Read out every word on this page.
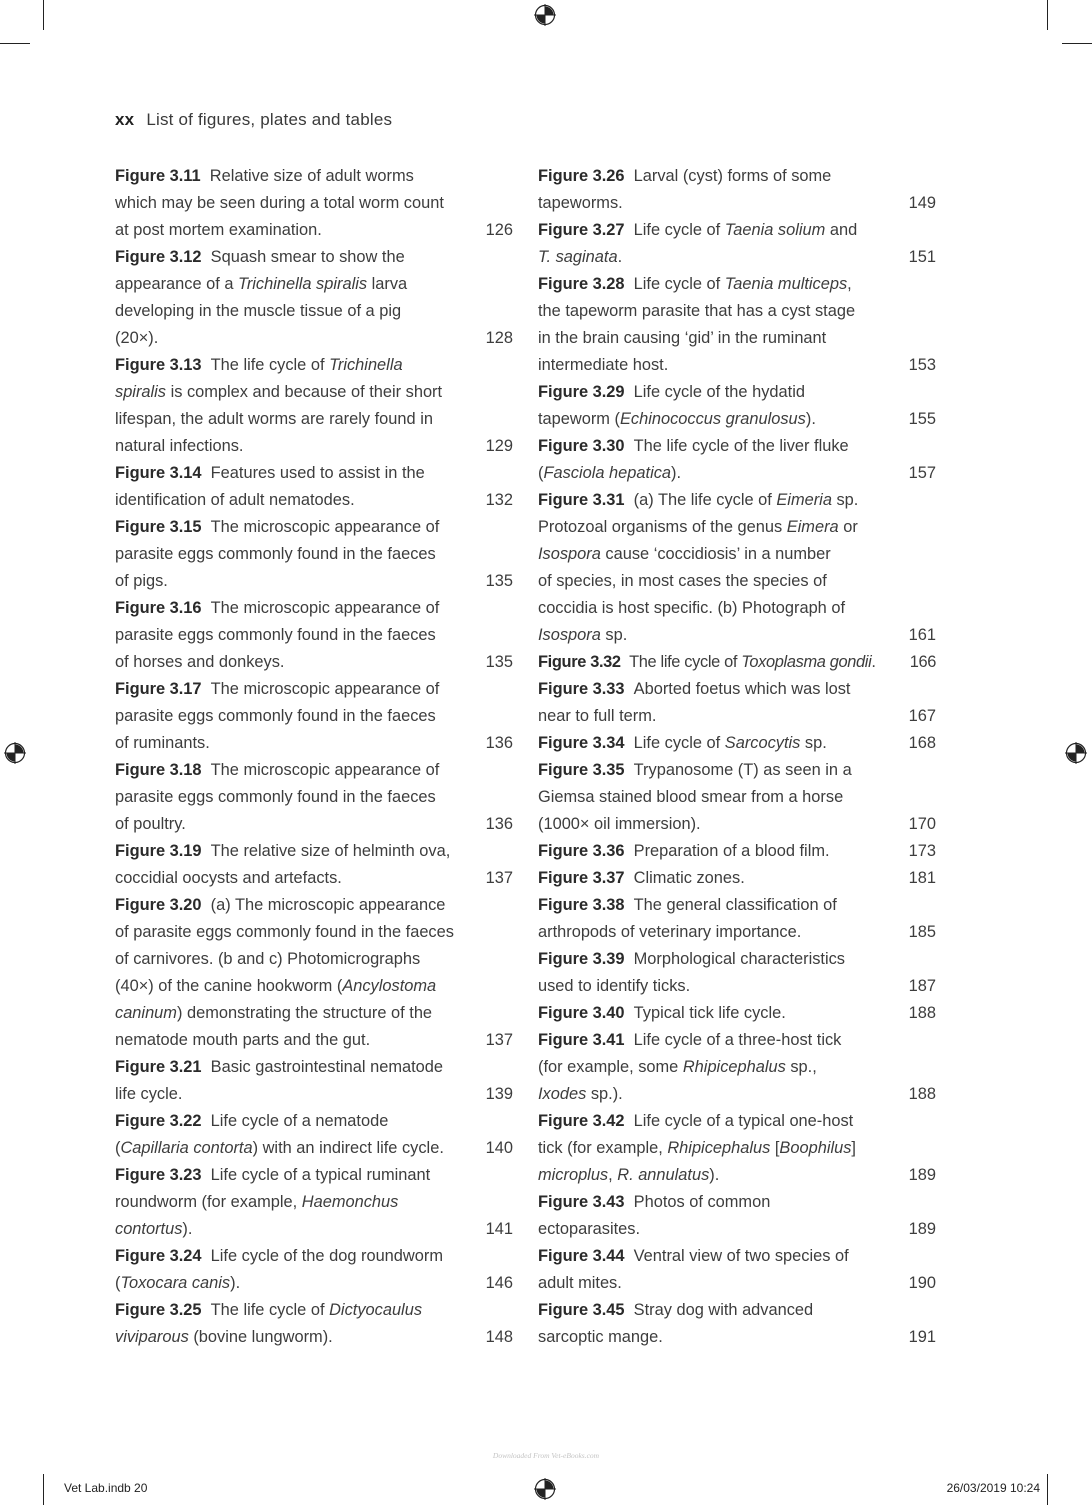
xx List of figures, plates and tables
Figure 3.11 Relative size of adult worms
which may be seen during a total worm count
at post mortem examination.	126
Figure 3.12 Squash smear to show the
appearance of a Trichinella spiralis larva
developing in the muscle tissue of a pig
(20×).	128
Figure 3.13 The life cycle of Trichinella
spiralis is complex and because of their short
lifespan, the adult worms are rarely found in
natural infections.	129
Figure 3.14 Features used to assist in the
identification of adult nematodes.	132
Figure 3.15 The microscopic appearance of
parasite eggs commonly found in the faeces
of pigs.	135
Figure 3.16 The microscopic appearance of
parasite eggs commonly found in the faeces
of horses and donkeys.	135
Figure 3.17 The microscopic appearance of
parasite eggs commonly found in the faeces
of ruminants.	136
Figure 3.18 The microscopic appearance of
parasite eggs commonly found in the faeces
of poultry.	136
Figure 3.19 The relative size of helminth ova,
coccidial oocysts and artefacts.	137
Figure 3.20 (a) The microscopic appearance
of parasite eggs commonly found in the faeces
of carnivores. (b and c) Photomicrographs
(40×) of the canine hookworm (Ancylostoma
caninum) demonstrating the structure of the
nematode mouth parts and the gut.	137
Figure 3.21 Basic gastrointestinal nematode
life cycle.	139
Figure 3.22 Life cycle of a nematode
(Capillaria contorta) with an indirect life cycle.	140
Figure 3.23 Life cycle of a typical ruminant
roundworm (for example, Haemonchus
contortus).	141
Figure 3.24 Life cycle of the dog roundworm
(Toxocara canis).	146
Figure 3.25 The life cycle of Dictyocaulus
viviparous (bovine lungworm).	148
Figure 3.26 Larval (cyst) forms of some
tapeworms.	149
Figure 3.27 Life cycle of Taenia solium and
T. saginata.	151
Figure 3.28 Life cycle of Taenia multiceps,
the tapeworm parasite that has a cyst stage
in the brain causing ‘gid’ in the ruminant
intermediate host.	153
Figure 3.29 Life cycle of the hydatid
tapeworm (Echinococcus granulosus).	155
Figure 3.30 The life cycle of the liver fluke
(Fasciola hepatica).	157
Figure 3.31 (a) The life cycle of Eimeria sp.
Protozoal organisms of the genus Eimera or
Isospora cause ‘coccidiosis’ in a number
of species, in most cases the species of
coccidia is host specific. (b) Photograph of
Isospora sp.	161
Figure 3.32 The life cycle of Toxoplasma gondii.	166
Figure 3.33 Aborted foetus which was lost
near to full term.	167
Figure 3.34 Life cycle of Sarcocytis sp.	168
Figure 3.35 Trypanosome (T) as seen in a
Giemsa stained blood smear from a horse
(1000× oil immersion).	170
Figure 3.36 Preparation of a blood film.	173
Figure 3.37 Climatic zones.	181
Figure 3.38 The general classification of
arthropods of veterinary importance.	185
Figure 3.39 Morphological characteristics
used to identify ticks.	187
Figure 3.40 Typical tick life cycle.	188
Figure 3.41 Life cycle of a three-host tick
(for example, some Rhipicephalus sp.,
Ixodes sp.).	188
Figure 3.42 Life cycle of a typical one-host
tick (for example, Rhipicephalus [Boophilus]
microplus, R. annulatus).	189
Figure 3.43 Photos of common
ectoparasites.	189
Figure 3.44 Ventral view of two species of
adult mites.	190
Figure 3.45 Stray dog with advanced
sarcoptic mange.	191
Downloaded From Vet-eBooks.com
Vet Lab.indb 20	26/03/2019 10:24
